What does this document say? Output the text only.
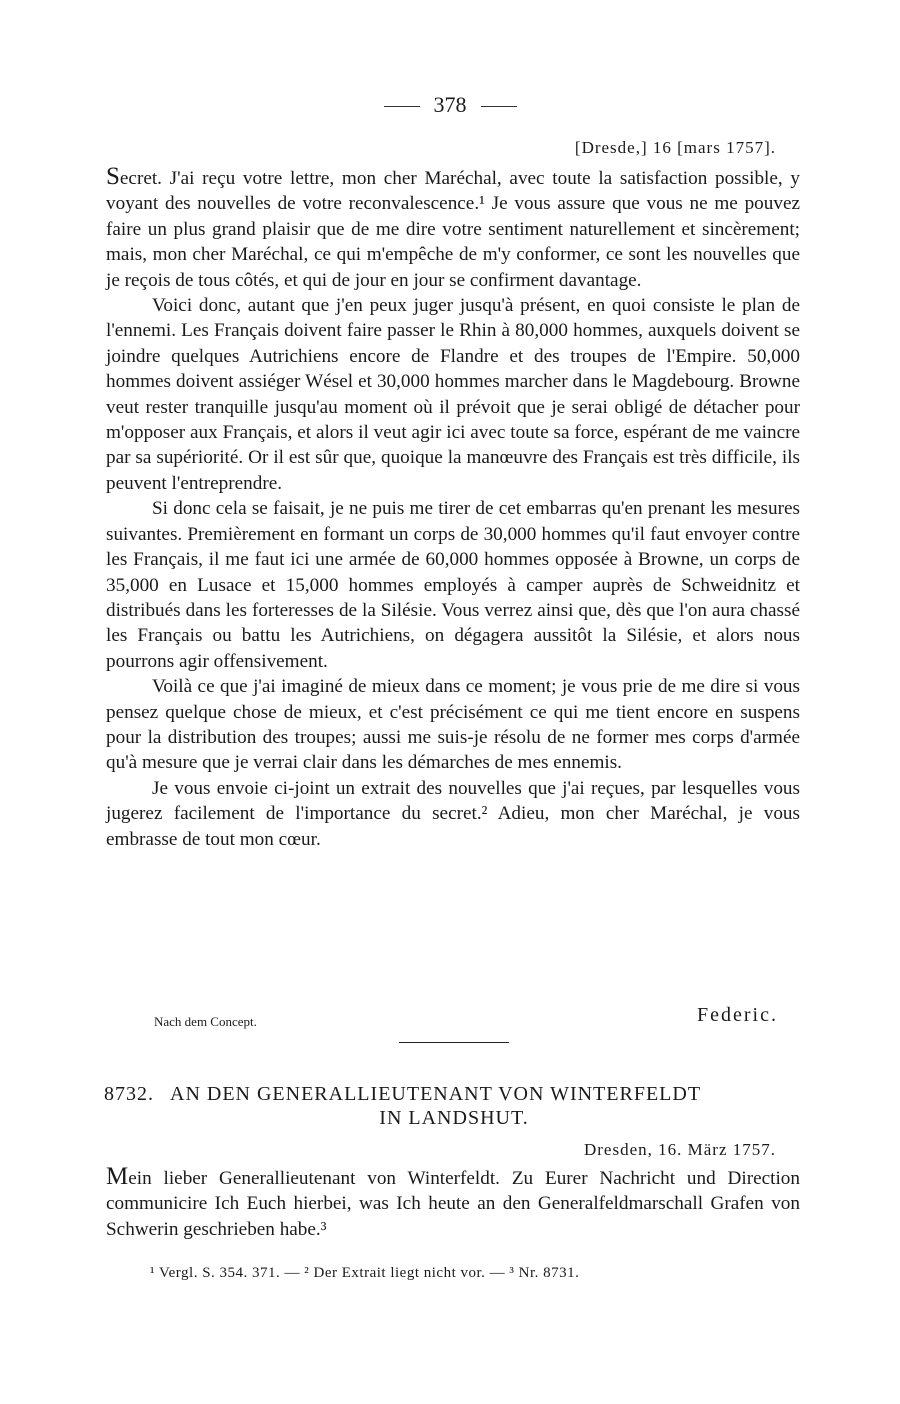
378
[Dresde,] 16 [mars 1757].

Secret. J'ai reçu votre lettre, mon cher Maréchal, avec toute la satisfaction possible, y voyant des nouvelles de votre reconvalescence.¹ Je vous assure que vous ne me pouvez faire un plus grand plaisir que de me dire votre sentiment naturellement et sincèrement; mais, mon cher Maréchal, ce qui m'empêche de m'y conformer, ce sont les nouvelles que je reçois de tous côtés, et qui de jour en jour se confirment davantage.

Voici donc, autant que j'en peux juger jusqu'à présent, en quoi consiste le plan de l'ennemi. Les Français doivent faire passer le Rhin à 80,000 hommes, auxquels doivent se joindre quelques Autrichiens encore de Flandre et des troupes de l'Empire. 50,000 hommes doivent assiéger Wésel et 30,000 hommes marcher dans le Magdebourg. Browne veut rester tranquille jusqu'au moment où il prévoit que je serai obligé de détacher pour m'opposer aux Français, et alors il veut agir ici avec toute sa force, espérant de me vaincre par sa supériorité. Or il est sûr que, quoique la manœuvre des Français est très difficile, ils peuvent l'entreprendre.

Si donc cela se faisait, je ne puis me tirer de cet embarras qu'en prenant les mesures suivantes. Premièrement en formant un corps de 30,000 hommes qu'il faut envoyer contre les Français, il me faut ici une armée de 60,000 hommes opposée à Browne, un corps de 35,000 en Lusace et 15,000 hommes employés à camper auprès de Schweidnitz et distribués dans les forteresses de la Silésie. Vous verrez ainsi que, dès que l'on aura chassé les Français ou battu les Autrichiens, on dégagera aussitôt la Silésie, et alors nous pourrons agir offensivement.

Voilà ce que j'ai imaginé de mieux dans ce moment; je vous prie de me dire si vous pensez quelque chose de mieux, et c'est précisément ce qui me tient encore en suspens pour la distribution des troupes; aussi me suis-je résolu de ne former mes corps d'armée qu'à mesure que je verrai clair dans les démarches de mes ennemis.

Je vous envoie ci-joint un extrait des nouvelles que j'ai reçues, par lesquelles vous jugerez facilement de l'importance du secret.² Adieu, mon cher Maréchal, je vous embrasse de tout mon cœur.

Nach dem Concept.	Federic.
8732. AN DEN GENERALLIEUTENANT VON WINTERFELDT
IN LANDSHUT.
Dresden, 16. März 1757.

Mein lieber Generallieutenant von Winterfeldt. Zu Eurer Nachricht und Direction communicire Ich Euch hierbei, was Ich heute an den Generalfeldmarschall Grafen von Schwerin geschrieben habe.³

¹ Vergl. S. 354. 371. — ² Der Extrait liegt nicht vor. — ³ Nr. 8731.
